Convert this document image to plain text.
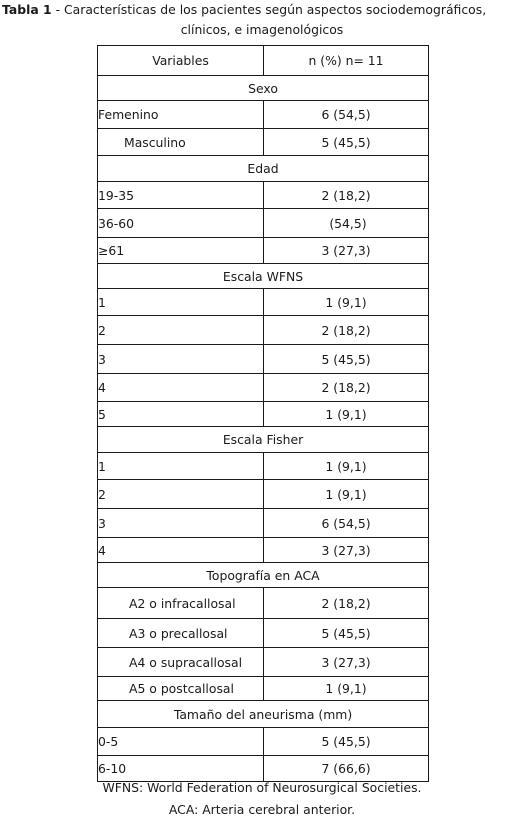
Tabla 1 - Características de los pacientes según aspectos sociodemográficos,
clínicos, e imagenológicos
Variables	n (%) n= 11
Sexo	
Femenino	6 (54,5)
Masculino	5 (45,5)
Edad	
19-35	2 (18,2)
36-60	(54,5)
≥61	3 (27,3)
Escala WFNS	
1	1 (9,1)
2	2 (18,2)
3	5 (45,5)
4	2 (18,2)
5	1 (9,1)
Escala Fisher	
1	1 (9,1)
2	1 (9,1)
3	6 (54,5)
4	3 (27,3)
Topografía en ACA	
A2 o infracallosal	2 (18,2)
A3 o precallosal	5 (45,5)
A4 o supracallosal	3 (27,3)
A5 o postcallosal	1 (9,1)
Tamaño del aneurisma (mm)	
0-5	5 (45,5)
6-10	7 (66,6)
WFNS: World Federation of Neurosurgical Societies.
ACA: Arteria cerebral anterior.
